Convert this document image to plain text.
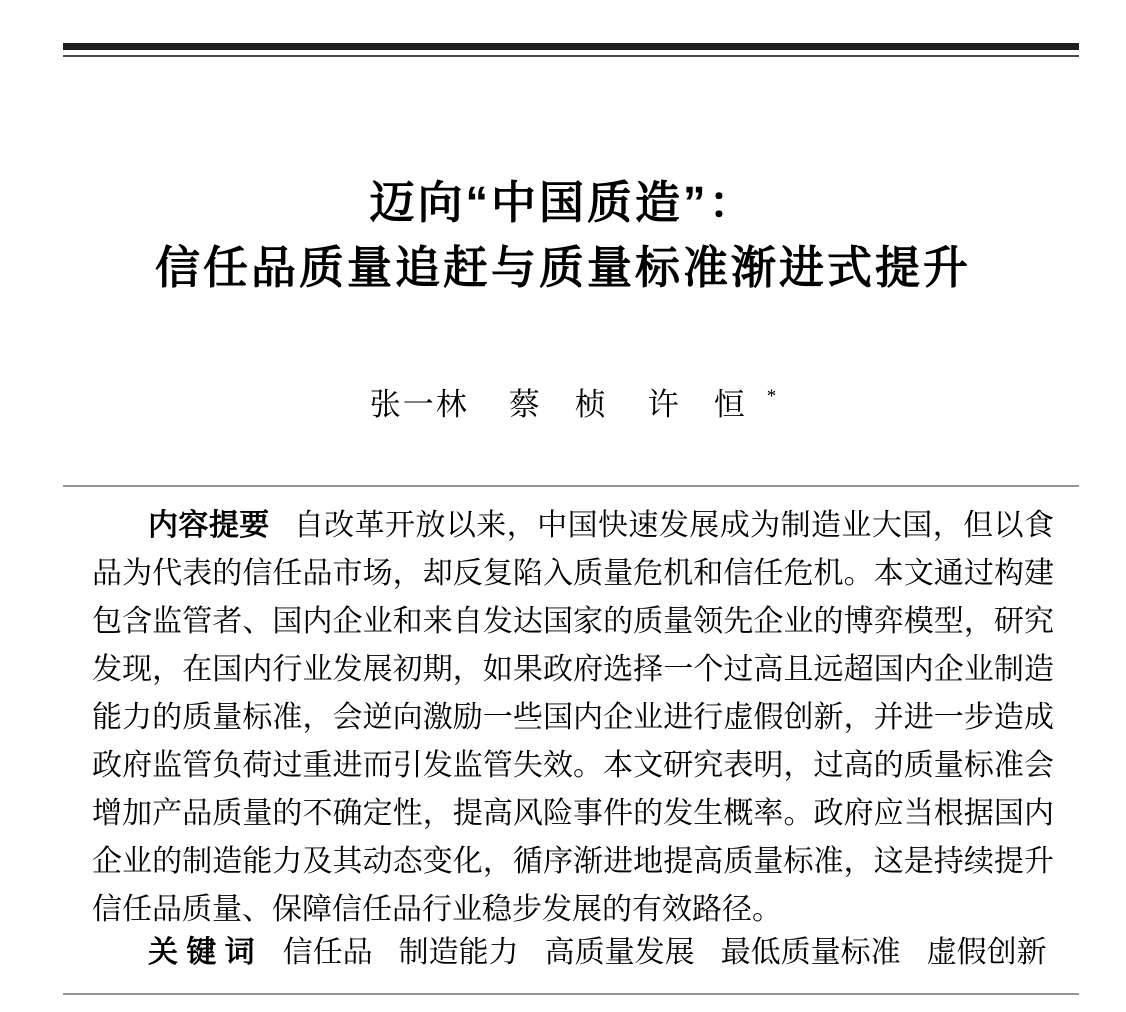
迈向“中国质造”：
信任品质量追赶与质量标准渐进式提升
张一林 蔡　桢 许　恒 *

内容提要 自改革开放以来，中国快速发展成为制造业大国，但以食品为代表的信任品市场，却反复陷入质量危机和信任危机。本文通过构建包含监管者、国内企业和来自发达国家的质量领先企业的博弈模型，研究发现，在国内行业发展初期，如果政府选择一个过高且远超国内企业制造能力的质量标准，会逆向激励一些国内企业进行虚假创新，并进一步造成政府监管负荷过重进而引发监管失效。本文研究表明，过高的质量标准会增加产品质量的不确定性，提高风险事件的发生概率。政府应当根据国内企业的制造能力及其动态变化，循序渐进地提高质量标准，这是持续提升信任品质量、保障信任品行业稳步发展的有效路径。

关 键 词 信任品 制造能力 高质量发展 最低质量标准 虚假创新
